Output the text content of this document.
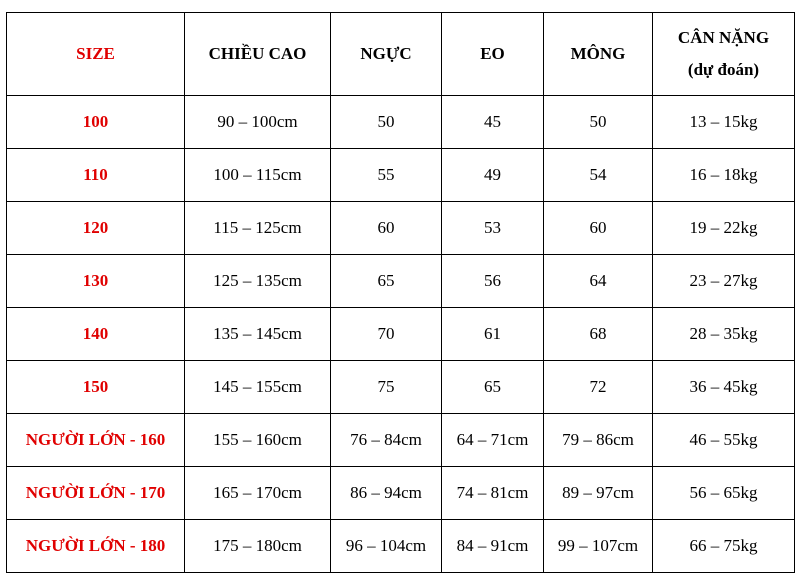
SIZE	CHIỀU CAO	NGỰC	EO	MÔNG	CÂN NẶNG
(dự đoán)

100	90 – 100cm	50	45	50	13 – 15kg
110	100 – 115cm	55	49	54	16 – 18kg
120	115 – 125cm	60	53	60	19 – 22kg
130	125 – 135cm	65	56	64	23 – 27kg
140	135 – 145cm	70	61	68	28 – 35kg
150	145 – 155cm	75	65	72	36 – 45kg
NGƯỜI LỚN - 160	155 – 160cm	76 – 84cm	64 – 71cm	79 – 86cm	46 – 55kg
NGƯỜI LỚN - 170	165 – 170cm	86 – 94cm	74 – 81cm	89 – 97cm	56 – 65kg
NGƯỜI LỚN - 180	175 – 180cm	96 – 104cm	84 – 91cm	99 – 107cm	66 – 75kg
